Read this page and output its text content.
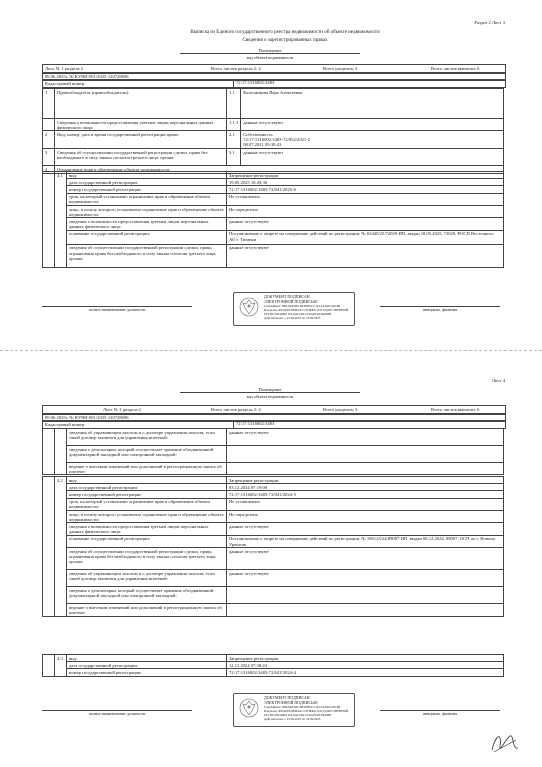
Раздел 2 Лист 3
Выписка из Единого государственного реестра недвижимости об объекте недвижимости
Сведения о зарегистрированных правах
Помещение
вид объекта недвижимости
Лист № 1 раздела 2	Всего листов раздела 2: 4	Всего разделов: 3	Всего листов выписки: 6
09.06.2025г. № КУВИ-001/2025-120728696
Кадастровый номер:	72:17:1316002:3483
1	Правообладатель (правообладатели):	1.1	Колесникова Вера Алексеевна
	Сведения о возможности предоставления третьим лицам персональных данных физического лица:	1.1.1	данные отсутствуют
2	Вид, номер, дата и время государственной регистрации права:	2.1	Собственность
72:17:1316002:3483-72/052/2021-2
08.07.2021 09:38:43
3	Сведения об осуществлении государственной регистрации сделки, права без необходимого в силу закона согласия третьего лица, органа:	3.1	данные отсутствуют
4	Ограничение прав и обременение объекта недвижимости:		
	4.1	вид:	Запрещение регистрации
		дата государственной регистрации:	19.05.2025 10:29:36
		номер государственной регистрации:	72:17:1316002:3483-72/041/2025-6
		срок, на который установлено ограничение прав и обременение объекта недвижимости:	Не установлено
		лицо, в пользу которого установлено ограничение прав и обременение объекта недвижимости:	Не определено
		сведения о возможности предоставления третьим лицам персональных данных физического лица:	данные отсутствуют
		основание государственной регистрации:	Постановление о запрете на совершение действий по регистрации, № 63440/25/72029-ИП, выдан 18.05.2025, 72029, РОСП Восточного АО г. Тюмени
		сведения об осуществлении государственной регистрации сделки, права, ограничения права без необходимого в силу закона согласия третьего лица, органа:	данные отсутствуют
полное наименование должности	инициалы, фамилия
ДОКУМЕНТ ПОДПИСАН
ЭЛЕКТРОННОЙ ПОДПИСЬЮ
Сертификат: 0ВА5ФЕ5ВСDЕ9FB0CC1E1A2A9D1AE4B
Владелец: ФЕДЕРАЛЬНАЯ СЛУЖБА ГОСУДАРСТВЕННОЙ
РЕГИСТРАЦИИ, КАДАСТРА И КАРТОГРАФИИ
Действителен: с 25.06.2024 по 18.09.2025
Лист 4
Помещение
вид объекта недвижимости
Лист № 2 раздела 2	Всего листов раздела 2: 4	Всего разделов: 3	Всего листов выписки: 6
09.06.2025г. № КУВИ-001/2025-120728696
Кадастровый номер:	72:17:1316002:3483
		сведения об управляющем залогом и о договоре управления залогом, если такой договор заключен для управления ипотекой:	данные отсутствуют
		сведения о депозитарии, который осуществляет хранение обездвиженной документарной закладной или электронной закладной:	
		ведение о внесении изменений или дополнений в регистрационную запись об ипотеке:	
	4.2	вид:	Запрещение регистрации
		дата государственной регистрации:	03.12.2024 07:19:00
		номер государственной регистрации:	72:17:1316002:3483-72/041/2024-5
		срок, на который установлено ограничение прав и обременение объекта недвижимости:	Не установлено
		лицо, в пользу которого установлено ограничение прав и обременение объекта недвижимости:	Не определено
		сведения о возможности предоставления третьим лицам персональных данных физического лица:	данные отсутствуют
		основание государственной регистрации:	Постановление о запрете на совершение действий по регистрации, № 196123/24/89007-ИП, выдан 06.12.2024, 89007, ОСП по г. Новому Уренгою
		сведения об осуществлении государственной регистрации сделки, права, ограничения права без необходимого в силу закона согласия третьего лица, органа:	данные отсутствуют
		сведения об управляющем залогом и о договоре управления залогом, если такой договор заключен для управления ипотекой:	данные отсутствуют
		сведения о депозитарии, который осуществляет хранение обездвиженной документарной закладной или электронной закладной:	
		ведение о внесении изменений или дополнений в регистрационную запись об ипотеке:	
	4.3	вид:	Запрещение регистрации
		дата государственной регистрации:	12.11.2024 07:38:24
		номер государственной регистрации:	72:17:1316002:3483-72/041/2024-4
полное наименование должности	инициалы, фамилия
ДОКУМЕНТ ПОДПИСАН
ЭЛЕКТРОННОЙ ПОДПИСЬЮ
Сертификат: 0ВА5ФЕ5ВСDЕ9FB0CC1E1A2A9D1AE4B
Владелец: ФЕДЕРАЛЬНАЯ СЛУЖБА ГОСУДАРСТВЕННОЙ
РЕГИСТРАЦИИ, КАДАСТРА И КАРТОГРАФИИ
Действителен: с 25.06.2024 по 18.09.2025
